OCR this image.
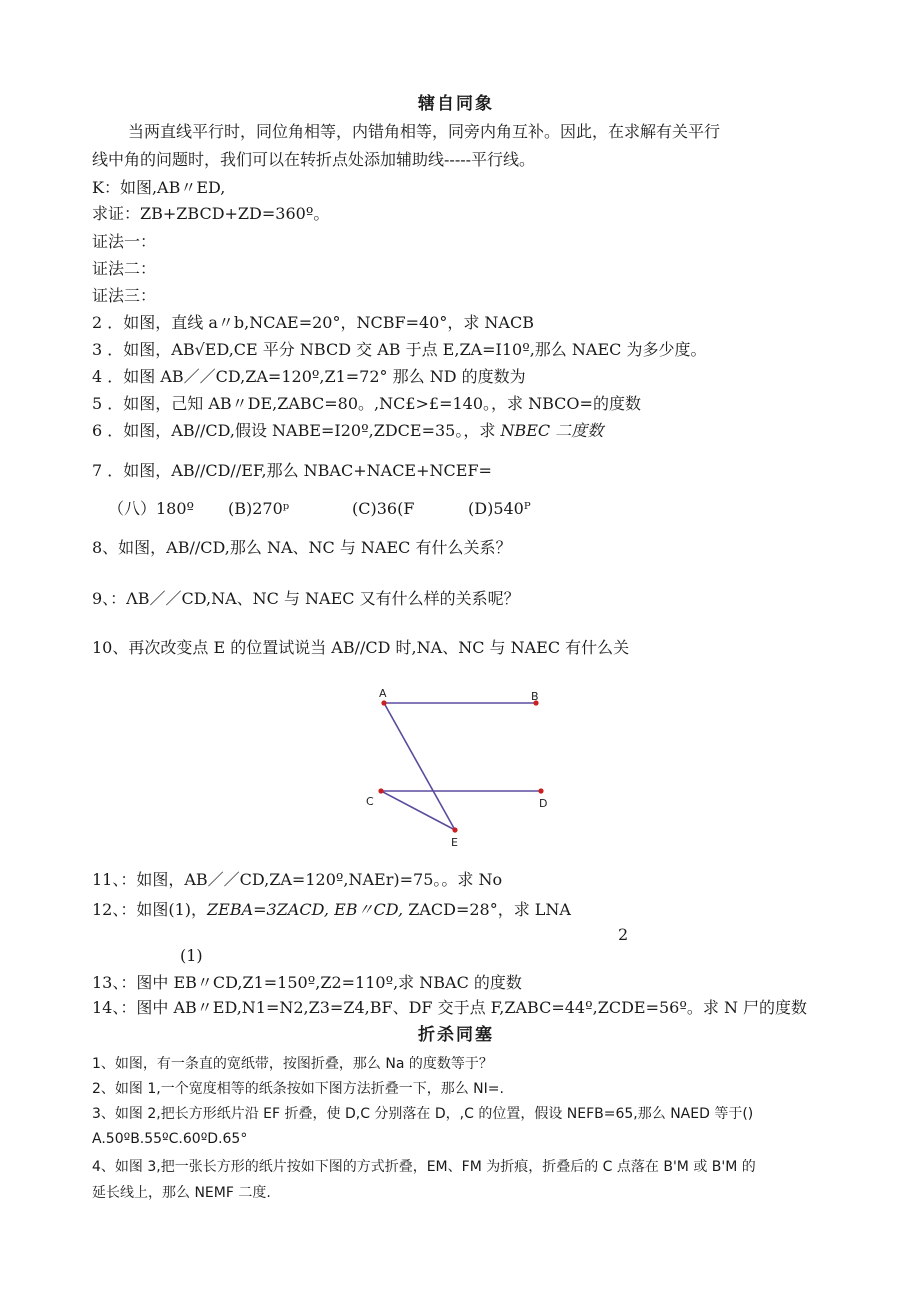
辖自同象
当两直线平行时，同位角相等，内错角相等，同旁内角互补。因此，在求解有关平行
线中角的问题时，我们可以在转折点处添加辅助线-----平行线。
K：如图,AB〃ED,
求证：ZB+ZBCD+ZD=360º。
证法一：
证法二：
证法三：
2 ．如图，直线 a〃b,NCAE=20°，NCBF=40°，求 NACB
3 ．如图，AB√ED,CE 平分 NBCD 交 AB 于点 E,ZA=I10º,那么 NAEC 为多少度。
4 ．如图 AB／／CD,ZA=120º,Z1=72° 那么 ND 的度数为
5 ．如图，己知 AB〃DE,ZABC=80。,NC£>£=140。，求 NBCO=的度数
6 ．如图，AB//CD,假设 NABE=I20º,ZDCE=35。，求 NBEC 二度数
7 ．如图，AB//CD//EF,那么 NBAC+NACE+NCEF=
（八）180º (B)270ᵖ	(C)36(F	(D)540ᴾ
8、如图，AB//CD,那么 NA、NC 与 NAEC 有什么关系？
9、：ΛB／／CD,NA、NC 与 NAEC 又有什么样的关系呢？
10、再次改变点 E 的位置试说当 AB//CD 时,NA、NC 与 NAEC 有什么关
A	B
C	D
E
11、：如图，AB／／CD,ZA=120º,NAEr)=75。。求 No
12、：如图(1)，ZEBA=3ZACD, EB〃CD, ZACD=28°，求 LNA
2
(1)
13、：图中 EB〃CD,Z1=150º,Z2=110º,求 NBAC 的度数
14、：图中 AB〃ED,N1=N2,Z3=Z4,BF、DF 交于点 F,ZABC=44º,ZCDE=56º。求 N 尸的度数
折杀同塞
1、如图，有一条直的宽纸带，按图折叠，那么 Na 的度数等于？
2、如图 1,一个宽度相等的纸条按如下图方法折叠一下，那么 NI=.
3、如图 2,把长方形纸片沿 EF 折叠，使 D,C 分别落在 D，,C 的位置，假设 NEFB=65,那么 NAED 等于()
A.50ºB.55ºC.60ºD.65°
4、如图 3,把一张长方形的纸片按如下图的方式折叠，EM、FM 为折痕，折叠后的 C 点落在 B'M 或 B'M 的
延长线上，那么 NEMF 二度.
